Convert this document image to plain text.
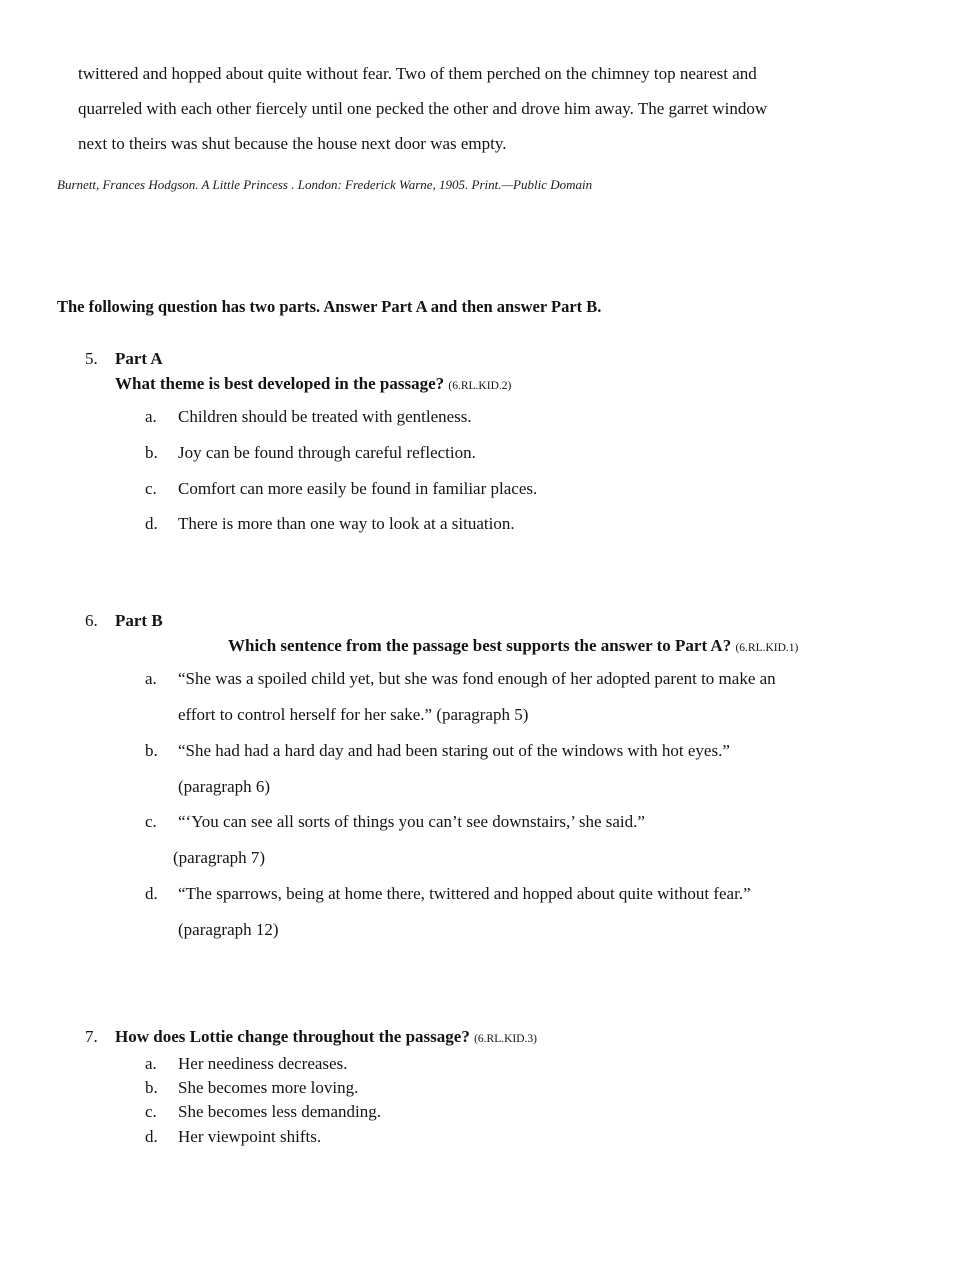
twittered and hopped about quite without fear. Two of them perched on the chimney top nearest and
quarreled with each other fiercely until one pecked the other and drove him away. The garret window
next to theirs was shut because the house next door was empty.
Burnett, Frances Hodgson. A Little Princess . London: Frederick Warne, 1905. Print.—Public Domain
The following question has two parts. Answer Part A and then answer Part B.
5.	Part A
What theme is best developed in the passage? (6.RL.KID.2)
a.	Children should be treated with gentleness.
b.	Joy can be found through careful reflection.
c.	Comfort can more easily be found in familiar places.
d.	There is more than one way to look at a situation.
6.	Part B
Which sentence from the passage best supports the answer to Part A? (6.RL.KID.1)
a.	“She was a spoiled child yet, but she was fond enough of her adopted parent to make an
effort to control herself for her sake.” (paragraph 5)
b.	“She had had a hard day and had been staring out of the windows with hot eyes.”
(paragraph 6)
c.	“‘You can see all sorts of things you can’t see downstairs,’ she said.”
(paragraph 7)
d.	“The sparrows, being at home there, twittered and hopped about quite without fear.”
(paragraph 12)
7.	How does Lottie change throughout the passage? (6.RL.KID.3)
a.	Her neediness decreases.
b.	She becomes more loving.
c.	She becomes less demanding.
d.	Her viewpoint shifts.
